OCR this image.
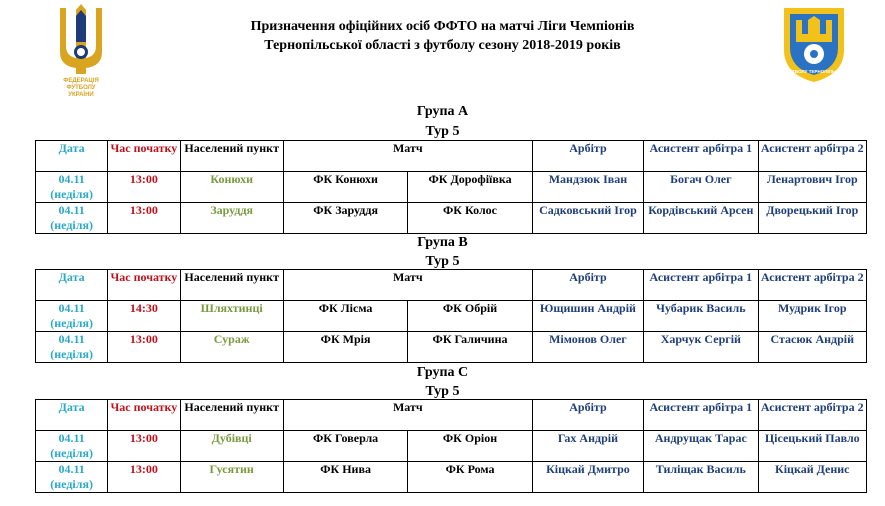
ФЕДЕРАЦІЯ
ФУТБОЛУ
УКРАЇНИ
ФЕДЕРАЦІЯ ФУТБОЛУ ТЕРНОПІЛЬСЬКОЇ ОБЛАСТІ
Призначення офіційних осіб ФФТО на матчі Ліги Чемпіонів
Тернопільської області з футболу сезону 2018-2019 років
Група А
Тур 5
Дата	Час початку	Населений пункт	Матч		Арбітр	Асистент арбітра 1	Асистент арбітра 2
04.11 (неділя)	13:00	Конюхи	ФК Конюхи	ФК Дорофіївка	Мандзюк Іван	Богач Олег	Ленартович Ігор
04.11 (неділя)	13:00	Заруддя	ФК Заруддя	ФК Колос	Садковський Ігор	Кордівський Арсен	Дворецький Ігор
Група В
Тур 5
Дата	Час початку	Населений пункт	Матч		Арбітр	Асистент арбітра 1	Асистент арбітра 2
04.11 (неділя)	14:30	Шляхтинці	ФК Лісма	ФК Обрій	Ющишин Андрій	Чубарик Василь	Мудрик Ігор
04.11 (неділя)	13:00	Сураж	ФК Мрія	ФК Галичина	Мімонов Олег	Харчук Сергій	Стасюк Андрій
Група С
Тур 5
Дата	Час початку	Населений пункт	Матч		Арбітр	Асистент арбітра 1	Асистент арбітра 2
04.11 (неділя)	13:00	Дубівці	ФК Говерла	ФК Оріон	Гах Андрій	Андрущак Тарас	Цісецький Павло
04.11 (неділя)	13:00	Гусятин	ФК Нива	ФК Рома	Кіцкай Дмитро	Тиліщак Василь	Кіцкай Денис
